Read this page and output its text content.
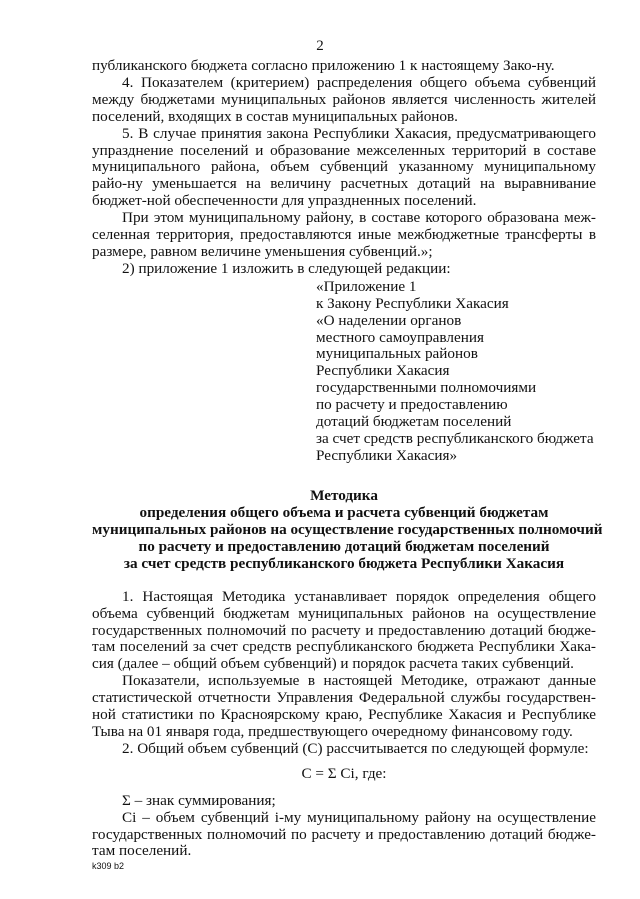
2

публиканского бюджета согласно приложению 1 к настоящему Зако-ну.

4. Показателем (критерием) распределения общего объема субвенций между бюджетами муниципальных районов является численность жителей поселений, входящих в состав муниципальных районов.

5. В случае принятия закона Республики Хакасия, предусматривающего упразднение поселений и образование межселенных территорий в составе муниципального района, объем субвенций указанному муниципальному райо-ну уменьшается на величину расчетных дотаций на выравнивание бюджет-ной обеспеченности для упраздненных поселений.

При этом муниципальному району, в составе которого образована меж-селенная территория, предоставляются иные межбюджетные трансферты в размере, равном величине уменьшения субвенций.»;

2) приложение 1 изложить в следующей редакции:

«Приложение 1
к Закону Республики Хакасия
«О наделении органов
местного самоуправления
муниципальных районов
Республики Хакасия
государственными полномочиями
по расчету и предоставлению
дотаций бюджетам поселений
за счет средств республиканского бюджета
Республики Хакасия»
Методика
определения общего объема и расчета субвенций бюджетам
муниципальных районов на осуществление государственных полномочий
по расчету и предоставлению дотаций бюджетам поселений
за счет средств республиканского бюджета Республики Хакасия

1. Настоящая Методика устанавливает порядок определения общего объема субвенций бюджетам муниципальных районов на осуществление государственных полномочий по расчету и предоставлению дотаций бюдже-там поселений за счет средств республиканского бюджета Республики Хака-сия (далее – общий объем субвенций) и порядок расчета таких субвенций.

Показатели, используемые в настоящей Методике, отражают данные статистической отчетности Управления Федеральной службы государствен-ной статистики по Красноярскому краю, Республике Хакасия и Республике Тыва на 01 января года, предшествующего очередному финансовому году.

2. Общий объем субвенций (С) рассчитывается по следующей формуле:

С = Σ Сi, где:

Σ – знак суммирования;

Сi – объем субвенций i-му муниципальному району на осуществление государственных полномочий по расчету и предоставлению дотаций бюдже-там поселений.

k309 b2
